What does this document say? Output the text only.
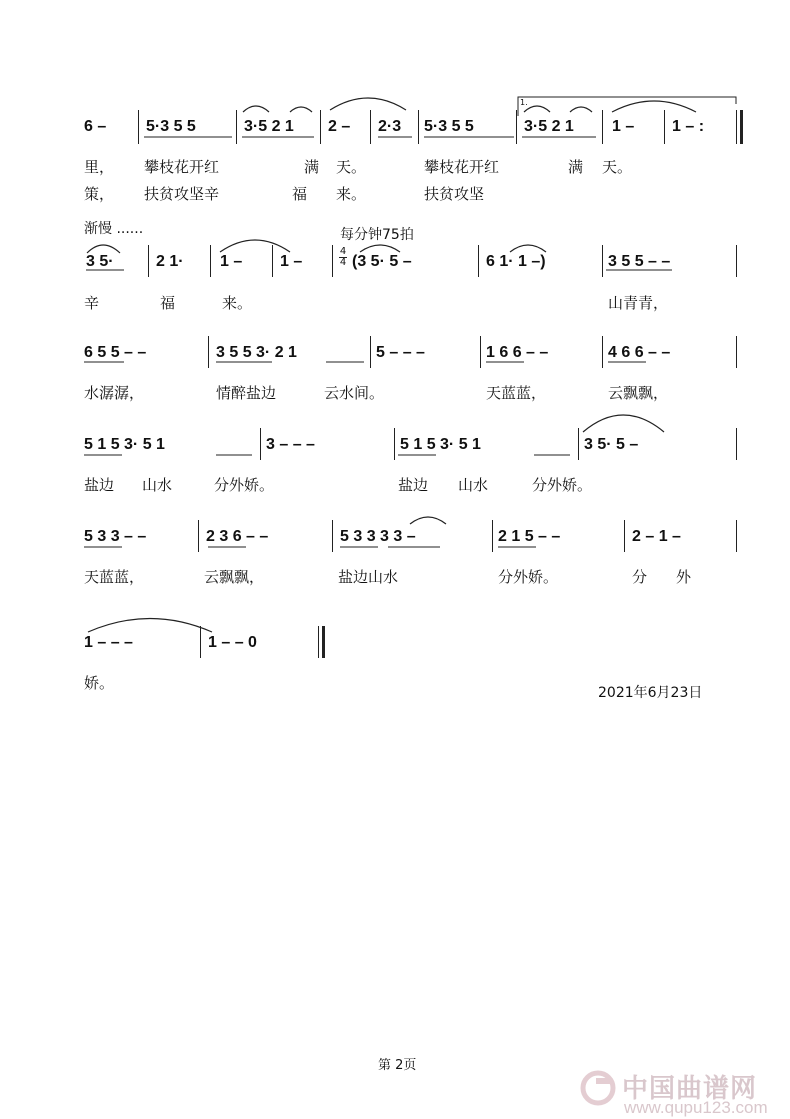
6 – 5·3 5 5	3·5 2 1 2 – 2·3 5·3 5 5
1.
3·5 2 1 1 – 1 – :
里， 攀枝花开红	满 天。	攀枝花开红	满 天。
策， 扶贫攻坚辛	福 来。	扶贫攻坚
渐慢 ......	每分钟75拍
3 5·	2 1· 1 – 1 –
4
4 (3 5· 5 –	6 1· 1 –)	3 5 5 – –
辛	福	来。	山青青，
6 5 5 – –	3 5 5 3· 2 1	5 – – –	1 6 6 – –	4 6 6 – –
水潺潺，	情醉盐边	云水间。	天蓝蓝，	云飘飘，
5 1 5 3· 5 1	3 – – –	5 1 5 3· 5 1	3 5· 5 –
盐边 山水	分外娇。	盐边 山水	分外娇。
5 3 3 – –	2 3 6 – –	5 3 3 3 3 –	2 1 5 – –	2 – 1 –
天蓝蓝，	云飘飘，	盐边山水	分外娇。	分 外
1 – – –	1 – – 0
娇。
2021年6月23日
第 2页
中国曲谱网
www.qupu123.com
